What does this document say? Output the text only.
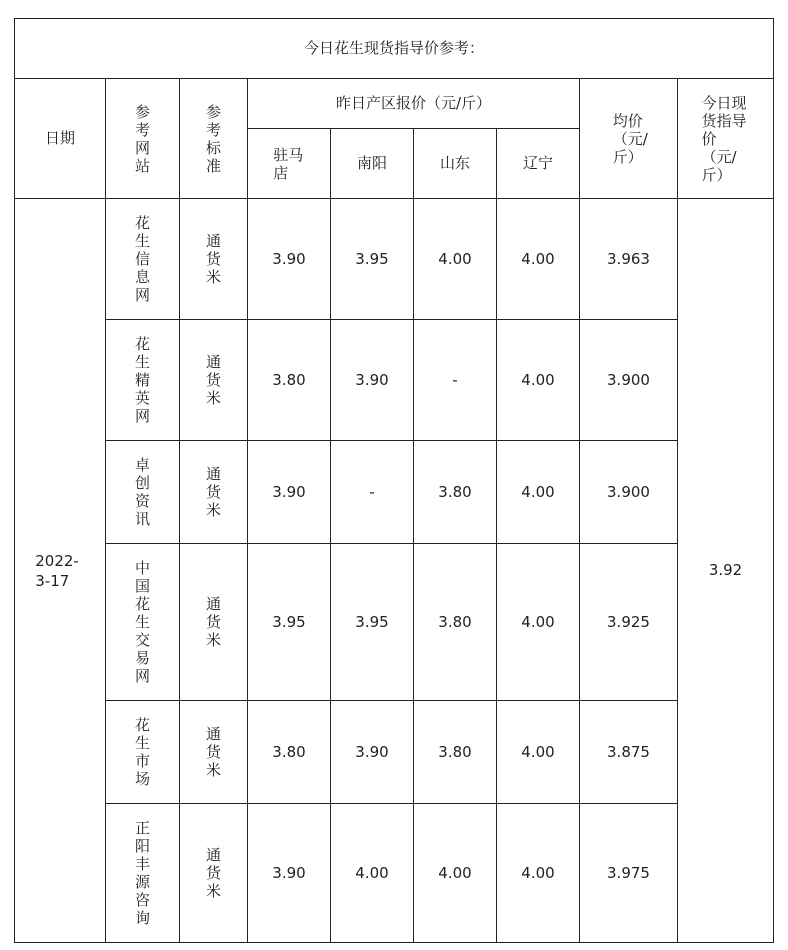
今日花生现货指导价参考：								
日期	参考网站	参考标准	昨日产区报价（元/斤）				均价（元/斤）	今日现货指导价（元/斤）
			驻马店	南阳	山东	辽宁		
2022-3-17	花生信息网	通货米	3.90	3.95	4.00	4.00	3.963	3.92
	花生精英网	通货米	3.80	3.90	-	4.00	3.900	
	卓创资讯	通货米	3.90	-	3.80	4.00	3.900	
	中国花生交易网	通货米	3.95	3.95	3.80	4.00	3.925	
	花生市场	通货米	3.80	3.90	3.80	4.00	3.875	
	正阳丰源咨询	通货米	3.90	4.00	4.00	4.00	3.975	
